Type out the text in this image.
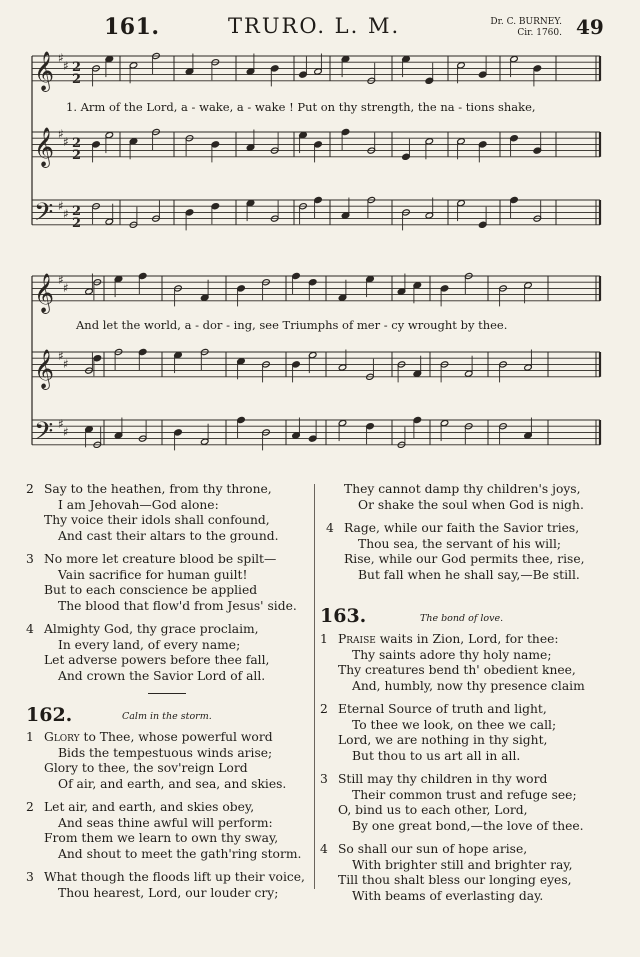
161.	TRURO. L. M.	Dr. C. BURNEY.
Cir. 1760. 49
𝄞
𝄞
𝄢
𝄞
𝄞
𝄢
♯
♯
♯
♯
♯
♯
♯
♯
♯
♯
♯
♯
2
2
2
2
2
2
1. Arm of the Lord, a - wake, a - wake ! Put on thy strength, the na - tions shake,
And let the world, a - dor - ing, see Triumphs of mer - cy wrought by thee.
2 Say to the heathen, from thy throne,
I am Jehovah—God alone:
Thy voice their idols shall confound,
And cast their altars to the ground.
3 No more let creature blood be spilt—
Vain sacrifice for human guilt!
But to each conscience be applied
The blood that flow'd from Jesus' side.
4 Almighty God, thy grace proclaim,
In every land, of every name;
Let adverse powers before thee fall,
And crown the Savior Lord of all.
162.	Calm in the storm.
1 Glory to Thee, whose powerful word
Bids the tempestuous winds arise;
Glory to thee, the sov'reign Lord
Of air, and earth, and sea, and skies.
2 Let air, and earth, and skies obey,
And seas thine awful will perform:
From them we learn to own thy sway,
And shout to meet the gath'ring storm.
3 What though the floods lift up their voice,
Thou hearest, Lord, our louder cry;
They cannot damp thy children's joys,
Or shake the soul when God is nigh.
4 Rage, while our faith the Savior tries,
Thou sea, the servant of his will;
Rise, while our God permits thee, rise,
But fall when he shall say,—Be still.
163.	The bond of love.
1 Praise waits in Zion, Lord, for thee:
Thy saints adore thy holy name;
Thy creatures bend th' obedient knee,
And, humbly, now thy presence claim
2 Eternal Source of truth and light,
To thee we look, on thee we call;
Lord, we are nothing in thy sight,
But thou to us art all in all.
3 Still may thy children in thy word
Their common trust and refuge see;
O, bind us to each other, Lord,
By one great bond,—the love of thee.
4 So shall our sun of hope arise,
With brighter still and brighter ray,
Till thou shalt bless our longing eyes,
With beams of everlasting day.
